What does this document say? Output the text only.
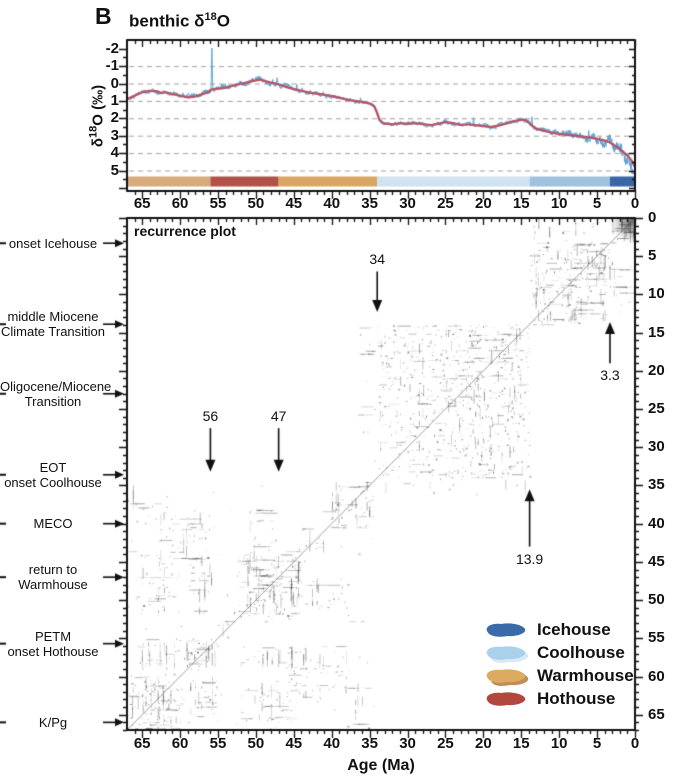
B benthic $\delta^{18}O$
$\delta^{18}O$ (‰)
recurrence plot
Age (Ma)
-2
-1
0
1
2
3
4
5
65	60	55	50	45	40	35	30	25	20	15	10	5	0
65	60	55	50	45	40	35	30	25	20	15	10	5	0
0
5
10
15
20
25
30
35
40
45
50
55
60
65
onset Icehouse
middle Miocene
Climate Transition
Oligocene/Miocene
Transition
EOT
onset Coolhouse
MECO
return to
Warmhouse
PETM
onset Hothouse
K/Pg
34
3.3
56	47
13.9
Icehouse
Coolhouse
Warmhouse
Hothouse
